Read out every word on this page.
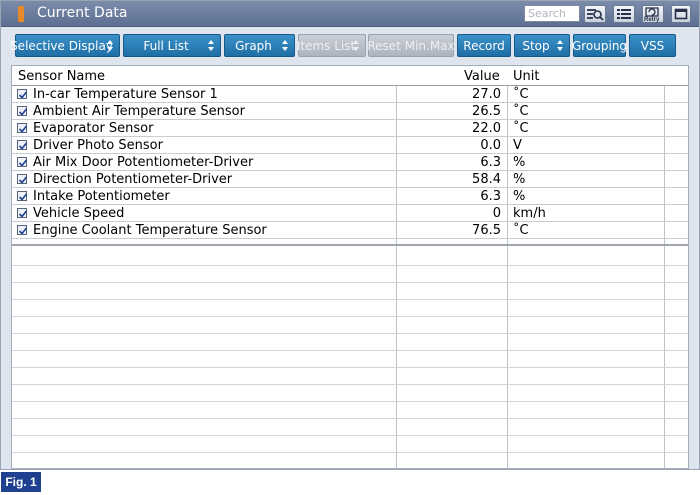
Current Data	Search	Retry
Selective Display	Full List	Graph Items List Reset Min.Max Record Stop Grouping VSS
Sensor Name	Value Unit
In-car Temperature Sensor 1	27.0 ˚C
Ambient Air Temperature Sensor	26.5 ˚C
Evaporator Sensor	22.0 ˚C
Driver Photo Sensor	0.0 V
Air Mix Door Potentiometer-Driver	6.3 %
Direction Potentiometer-Driver	58.4 %
Intake Potentiometer	6.3 %
Vehicle Speed	0 km/h
Engine Coolant Temperature Sensor	76.5 ˚C
Fig. 1
